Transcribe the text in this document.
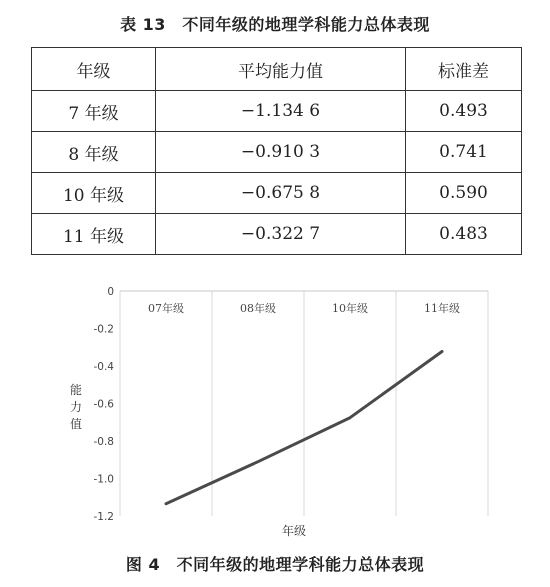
表 13　不同年级的地理学科能力总体表现
年级	平均能力值	标准差
7 年级	−1.134 6	0.493
8 年级	−0.910 3	0.741
10 年级	−0.675 8	0.590
11 年级	−0.322 7	0.483
0
-0.2
-0.4
-0.6
-0.8
-1.0
-1.2
07年级	08年级	10年级	11年级
能
力
值
年级
图 4　不同年级的地理学科能力总体表现
